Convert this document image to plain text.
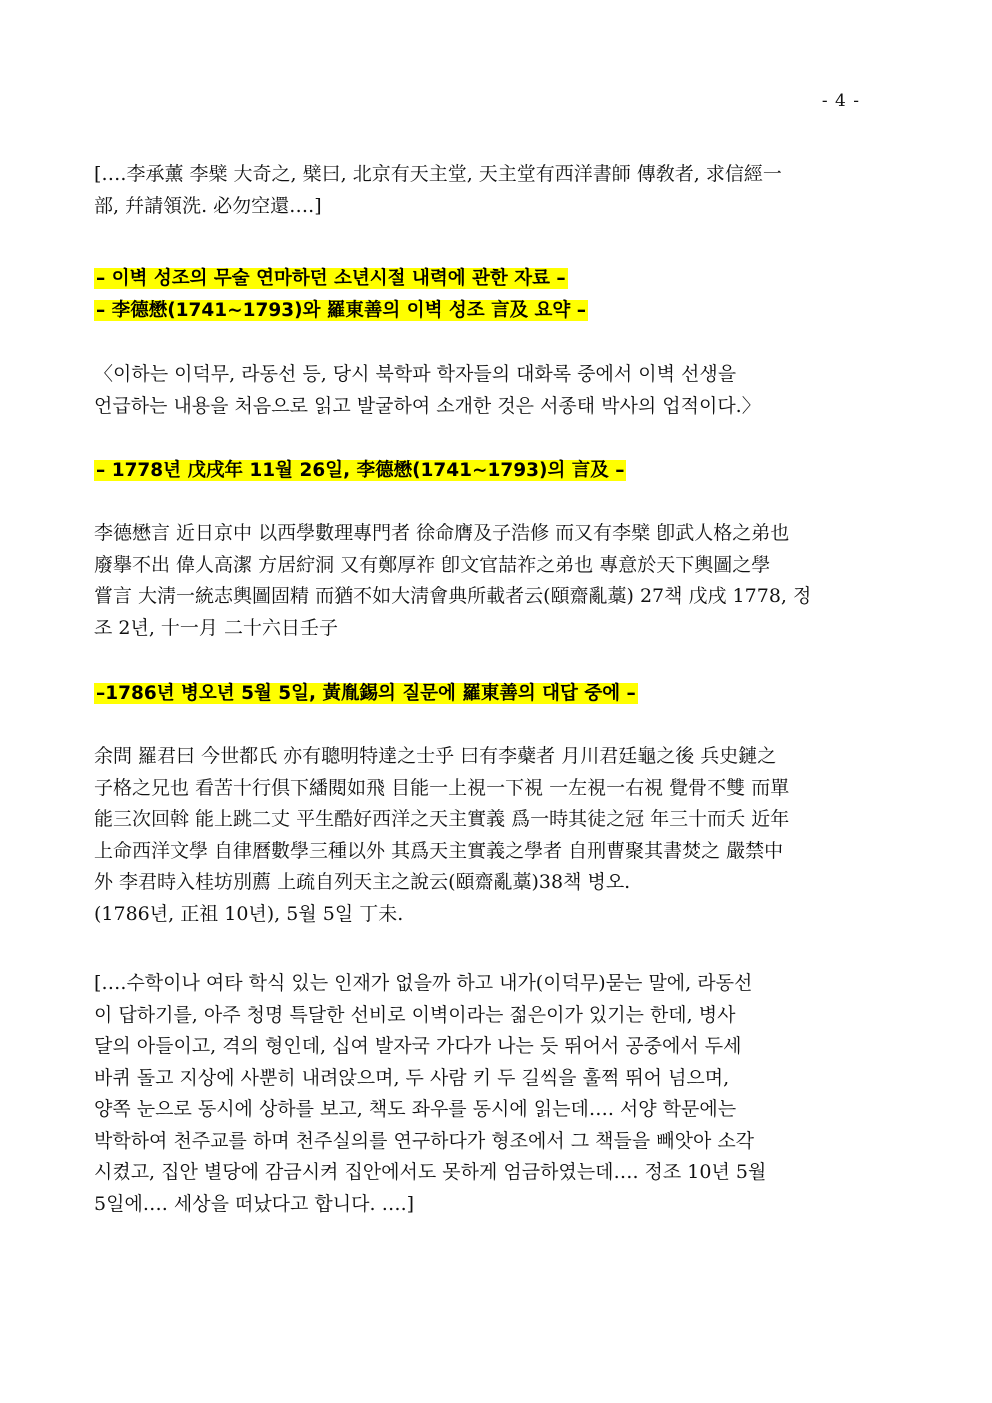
- 4 -
[….李承薰 李檗 大奇之, 檗曰, 北京有天主堂, 天主堂有西洋書師 傳敎者, 求信經一
部, 幷請領洗. 必勿空還….]
– 이벽 성조의 무술 연마하던 소년시절 내력에 관한 자료 –
– 李德懋(1741~1793)와 羅東善의 이벽 성조 言及 요약 –
〈이하는 이덕무, 라동선 등, 당시 북학파 학자들의 대화록 중에서 이벽 선생을
언급하는 내용을 처음으로 읽고 발굴하여 소개한 것은 서종태 박사의 업적이다.〉
– 1778년 戊戌年 11월 26일, 李德懋(1741~1793)의 言及 –
李德懋言 近日京中 以西學數理專門者 徐命膺及子浩修 而又有李檗 卽武人格之弟也
廢擧不出 偉人高潔 方居紵洞 又有鄭厚祚 卽文官喆祚之弟也 專意於天下輿圖之學
嘗言 大淸一統志輿圖固精 而猶不如大淸會典所載者云(頤齋亂藁) 27책 戊戌 1778, 정
조 2년, 十一月 二十六日壬子
–1786년 병오년 5월 5일, 黃胤錫의 질문에 羅東善의 대답 중에 –
余問 羅君曰 今世都氏 亦有聰明特達之士乎 曰有李蘗者 月川君廷龜之後 兵史鏈之
子格之兄也 看苦十行倶下繙閱如飛 目能一上視一下視 一左視一右視 覺骨不雙 而單
能三次回斡 能上跳二丈 平生酷好西洋之天主實義 爲一時其徒之冠 年三十而夭 近年
上命西洋文學 自律曆數學三種以外 其爲天主實義之學者 自刑曹聚其書焚之 嚴禁中
外 李君時入桂坊別薦 上疏自列天主之說云(頤齋亂藁)38책 병오.
(1786년, 正祖 10년), 5월 5일 丁未.
[….수학이나 여타 학식 있는 인재가 없을까 하고 내가(이덕무)묻는 말에, 라동선
이 답하기를, 아주 청명 특달한 선비로 이벽이라는 젊은이가 있기는 한데, 병사
달의 아들이고, 격의 형인데, 십여 발자국 가다가 나는 듯 뛰어서 공중에서 두세
바퀴 돌고 지상에 사뿐히 내려앉으며, 두 사람 키 두 길씩을 훌쩍 뛰어 넘으며,
양쪽 눈으로 동시에 상하를 보고, 책도 좌우를 동시에 읽는데…. 서양 학문에는
박학하여 천주교를 하며 천주실의를 연구하다가 형조에서 그 책들을 빼앗아 소각
시켰고, 집안 별당에 감금시켜 집안에서도 못하게 엄금하였는데…. 정조 10년 5월
5일에…. 세상을 떠났다고 합니다. ….]
